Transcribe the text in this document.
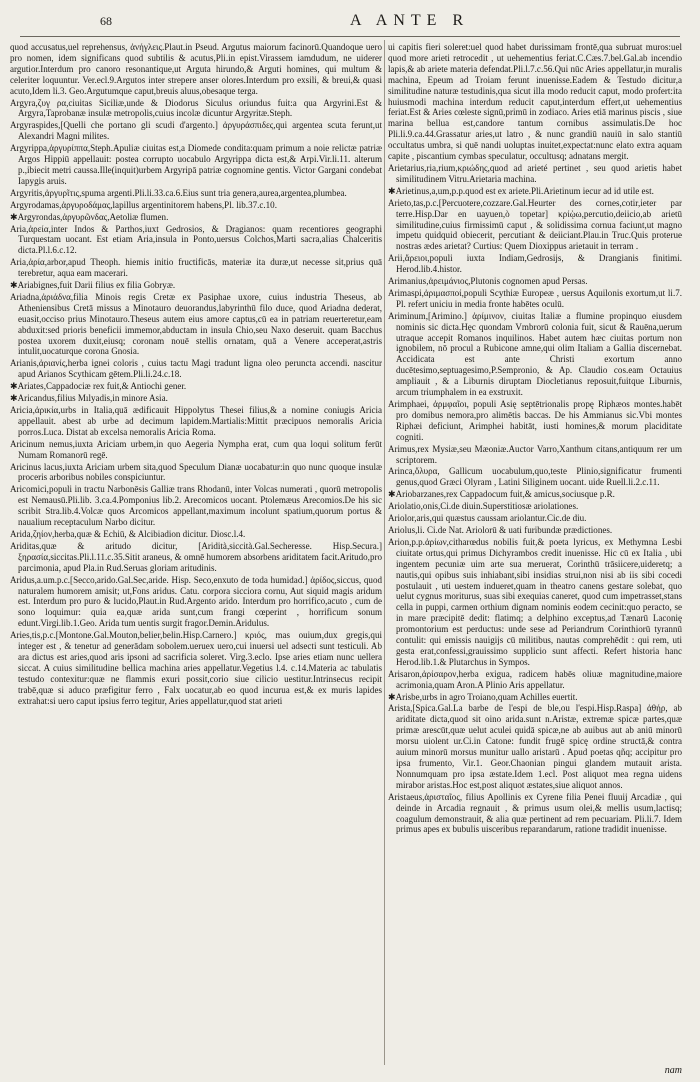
68	A ANTE R

quod accusatus,uel reprehensus, ἀνήγλεις.Plaut.in Pseud. Argutus maiorum facinorū.Quandoque uero pro nomen, idem significans quod subtilis & acutus,Pli.in epist.Virassem iamdudum, ne uiderer argutior.Interdum pro canoro resonantique,ut Arguta hirundo,& Arguti homines, qui multum & celeriter loquuntur. Ver.ecl.9.Argutos inter strepere anser olores.Interdum pro exsili, & breui,& quasi acuto,Idem li.3. Geo.Argutumque caput,breuis aluus,obesaque terga.

Argyra,ζυγ ρα,ciuitas Siciliæ,unde & Diodorus Siculus oriundus fuit:a qua Argyrini.Est & Argyra,Taprobanæ insulæ metropolis,cuius incolæ dicuntur Argyritæ.Steph.

Argyraspides,[Quelli che portano gli scudi d'argento.] ἀργυράσπιδες,qui argentea scuta ferunt,ut Alexandri Magni milites.

Argyrippa,ἀργυρίππα,Steph.Apuliæ ciuitas est,a Diomede condita:quam primum a noie relictæ patriæ Argos Hippiū appellauit: postea corrupto uocabulo Argyrippa dicta est,& Arpi.Vir.li.11. alterum p.,ibiecit metri caussa.Ille(inquit)urbem Argyripā patriæ cognomine gentis. Victor Gargani condebat Iapygis aruis.

Argyritis,ἀργυρῖτις,spuma argenti.Pli.li.33.ca.6.Eius sunt tria genera,aurea,argentea,plumbea.

Argyrodamas,ἀργυροδάμας,lapillus argentinitorem habens,Pl. lib.37.c.10.

✱Argyrondas,ἀργυρῶνδας,Aetoliæ flumen.

Aria,ἀρεία,inter Indos & Parthos,iuxt Gedrosios, & Dragianos: quam recentiores geographi Turquestam uocant. Est etiam Aria,insula in Ponto,uersus Colchos,Marti sacra,alias Chalceritis dicta.Pl.l.6.c.12.

Aria,ἀρία,arbor,apud Theoph. hiemis initio fructificās, materiæ ita duræ,ut necesse sit,prius quā terebretur, aqua eam macerari.

✱Ariabignes,fuit Darii filius ex filia Gobryæ.

Ariadna,ἀριάδνα,filia Minois regis Cretæ ex Pasiphae uxore, cuius industria Theseus, ab Atheniensibus Cretā missus a Minotauro deuorandus,labyrinthū filo duce, quod Ariadna dederat, euasit,occiso prius Minotauro.Theseus autem eius amore captus,cū ea in patriam reuerteretur,eam abduxit:sed prioris beneficii immemor,abductam in insula Chio,seu Naxo deseruit. quam Bacchus postea uxorem duxit,eiusq; coronam nouē stellis ornatam, quā a Venere acceperat,astris intulit,uocaturque corona Gnosia.

Arianis,ἀριανίς,herba ignei coloris , cuius tactu Magi tradunt ligna oleo peruncta accendi. nascitur apud Arianos Scythicam gētem.Pli.li.24.c.18.

✱Ariates,Cappadociæ rex fuit,& Antiochi gener.

✱Aricandus,filius Mılyadis,in minore Asia.

Aricia,ἀρικία,urbs in Italia,quā ædificauit Hippolytus Thesei filius,& a nomine coniugis Aricia appellauit. abest ab urbe ad decimum lapidem.Martialis:Mittit præcipuos nemoralis Aricia porros.Luca. Distat ab excelsa nemoralis Aricia Roma.

Aricinum nemus,iuxta Ariciam urbem,in quo Aegeria Nympha erat, cum qua loqui solitum ferūt Numam Romanorū regē.

Aricinus lacus,iuxta Ariciam urbem sita,quod Speculum Dianæ uocabatur:in quo nunc quoque insulæ proceris arboribus nobiles conspiciuntur.

Aricomici,populi in tractu Narbonēsis Galliæ trans Rhodanū, inter Volcas numerati , quorū metropolis est Nemausū.Pli.lib. 3.ca.4.Pomponius lib.2. Arecomicos uocant. Ptolemæus Arecomios.De his sic scribit Stra.lib.4.Volcæ quos Arcomicos appellant,maximum incolunt spatium,quorum portus & naualium receptaculum Narbo dicitur.

Arida,ζηίον,herba,quæ & Echiū, & Alcibiadion dicitur. Diosc.l.4.

Ariditas,quæ & aritudo dicitur, [Aridità,siccità.Gal.Secheresse. Hisp.Secura.] ξηρασία,siccitas.Pli.l.11.c.35.Sitit araneus, & omnē humorem absorbens ariditatem facit.Aritudo,pro parcimonia, apud Pla.in Rud.Seruas gloriam aritudinis.

Aridus,a.um.p.c.[Secco,arido.Gal.Sec,aride. Hisp. Seco,enxuto de toda humidad.] ἀρίδος,siccus, quod naturalem humorem amisit; ut,Fons aridus. Catu. corpora sicciora cornu, Aut siquid magis aridum est. Interdum pro puro & lucido,Plaut.in Rud.Argento arido. Interdum pro horrifico,acuto , cum de sono loquimur: quia ea,quæ arida sunt,cum frangi cœperint , horrificum sonum edunt.Virgi.lib.1.Geo. Arida tum uentis surgit fragor.Demin.Aridulus.

Aries,tis,p.c.[Montone.Gal.Mouton,belier,belin.Hisp.Carnero.] κριός, mas ouium,dux gregis,qui integer est , & tenetur ad generādam sobolem.uerueх uero,cui inuersi uel adsecti sunt testiculi. Ab ara dictus est aries,quod aris ipsoni ad sacrificia soleret. Virg.3.eclo. Ipse aries etiam nunc uellera siccat. A cuius similitudine bellica machina aries appellatur.Vegetius l.4. c.14.Materia ac tabulatis testudo contexitur:quæ ne flammis exuri possit,corio siue cilicio uestitur.Intrinsecus recipit trabē,quæ si aduco præfigitur ferro , Falx uocatur,ab eo quod incurua est,& ex muris lapides extrahat:si uero caput ipsius ferro tegitur, Aries appellatur,quod stat arieti

ui capitis fieri soleret:uel quod habet durissimam frontē,qua subruat muros:uel quod more arieti retrocedit , ut uehementius feriat.C.Cæs.7.bel.Gal.ab incendio lapis,& ab ariete materia defendat.Pli.l.7.c.56.Qui nūc Aries appellatur,in muralis machina, Epeum ad Troiam ferunt inuenisse.Eadem & Testudo dicitur,a similitudine naturæ testudinis,qua sicut illa modo reducit caput, modo profert:ita huiusmodi machina interdum reducit caput,interdum effert,ut uehementius feriat.Est & Aries cœleste signū,primū in zodiaco. Aries etiā marinus piscis , siue marina bellua est,candore tantum cornibus assimulatis.De hoc Pli.li.9.ca.44.Grassatur aries,ut latro , & nunc grandiū nauiū in salo stantiū occultatus umbra, si quē nandi uoluptas inuitet,expectat:nunc elato extra aquam capite , piscantium cymbas speculatur, occultusq; adnatans mergit.

Arietarius,ria,rium,κριώδης,quod ad arieté pertinet , seu quod arietis habet similitudinem Vitru.Arietaria machina.

✱Arietinus,a,um,p.p.quod est ex ariete.Pli.Arietinum iecur ad id utile est.

Arieto,tas,p.c.[Percuotere,cozzare.Gal.Heurter des cornes,cotir,ieter par terre.Hisp.Dar en uayuen,ò topetar] κρίῲω,percutio,deiicio,ab arietū similitudine,cuius firmissimū caput , & solidissima cornua faciunt,ut magno impetu quidquid obiecerit, percutiant & deiiciant.Plau.in Truc.Quis proterue nostras ædes arietat? Curtius: Quem Dioxippus arietauit in terram .

Arii,ἄρειοι,populi iuxta Indiam,Gedrosijs, & Drangianis finitimi. Herod.lib.4.histor.

Arimanius,ἀρειμάνιος,Plutonis cognomen apud Persas.

Arimaspi,ἀριμασποί,populi Scythiæ Europeæ , uersus Aquilonis exortum,ut li.7. Pl. refert uniciu in media fronte habētes oculū.

Ariminum,[Arimino.] ἀρίμινον, ciuitas Italiæ a flumine propinquo eiusdem nominis sic dicta.Hęc quondam Vmbrorū colonia fuit, sicut & Rauēna,uerum utraque accepit Romanos inquilinos. Habet autem hæc ciuitas portum non ignobilem, nō procul a Rubicone amne,qui olim Italiam a Gallia discernebat. Accidicata est ante Christi exortum anno ducētesimo,septuagesimo,P.Sempronio, & Ap. Claudio cos.eam Octauius ampliauit , & a Liburnis diruptam Diocletianus reposuit,fuitque Liburnis, arcum triumphalem in ea exstruxit.

Arimphaei, ἀρμφαῖοι, populi Asię septētrionalis propę Riphæos montes.habēt pro domibus nemora,pro alimētis baccas. De his Ammianus sic.Vbi montes Riphæi deficiunt, Arimphei habitāt, iusti homines,& morum placiditate cogniti.

Arimus,rex Mysiæ,seu Mæoniæ.Auctor Varro,Xanthum citans,antiquum rer um scriptorem.

Arinca,ὄλυρα, Gallicum uocabulum,quo,teste Plinio,significatur frumenti genus,quod Græci Olyram , Latini Siliginem uocant. uide Ruell.li.2.c.11.

✱Ariobarzanes,rex Cappadocum fuit,& amicus,sociusque p.R.

Ariolatio,onis,Ci.de diuin.Superstitiosæ ariolationes.

Ariolor,aris,qui quæstus caussam ariolantur.Cic.de diu.

Ariolus,li. Ci.de Nat. Ariolorū & uati furibundæ prædictiones.

Arion,p.p.ἀρίων,citharœdus nobilis fuit,& poeta lyricus, ex Methymna Lesbi ciuitate ortus,qui primus Dichyrambos credit inuenisse. Hic cū ex Italia , ubi ingentem pecuniæ uim arte sua meruerat, Corinthū trāsiicere,uideretq; a nautis,qui opibus suis inhiabant,sibi insidias strui,non nisi ab iis sibi cocedi postulauit , uti uestem indueret,quam in theatro canens gestare solebat, quo uelut cygnus moriturus, suas sibi exequias caneret, quod cum impetrasset,stans cella in puppi, carmen orthium dignam nominis eodem cecinit:quo peracto, se in mare præcipitē dedit: flatimq; a delphino exceptus,ad Tænarū Laconię promontorium est perductus: unde sese ad Periandrum Corinthiorū tyrannū contulit: qui emissis nauigijs cū militibus, nautas comprehēdit : qui rem, uti gesta erat,confessi,grauissimo supplicio sunt affecti. Refert historia hanc Herod.lib.1.& Plutarchus in Sympos.

Arisaron,ἀρίσαρον,herba exigua, radicem habēs oliuæ magnitudine,maiore acrimonia,quam Aron.A Plinio Aris appellatur.

✱Arisbe,urbs in agro Troiano,quam Achilles euertit.

Arista,[Spica.Gal.La barbe de l'espi de ble,ou l'espi.Hisp.Raspa] ἀθήρ, ab ariditate dicta,quod sit oino arida.sunt n.Aristæ, extremæ spicæ partes,quæ primæ arescūt,quæ uelut aculei quidā spicæ,ne ab auibus aut ab aniū minorū morsu uiolent ur.Ci.in Catone: fundit frugē spicę ordine structā,& contra auium minorū morsus munitur uallo aristarū . Apud poetas qñq; accipitur pro ipsa frumento, Vir.1. Geor.Chaonian pingui glandem mutauit arista. Nonnumquam pro ipsa æstate.Idem 1.ecl. Post aliquot mea regna uidens mirabor aristas.Hoc est,post aliquot æstates,siue aliquot annos.

Aristaeus,ἀρισταῖος, filius Apollinis ex Cyrene filia Penei fluuij Arcadiæ , qui deinde in Arcadia regnauit , & primus usum olei,& mellis usum,lactisq; coagulum demonstrauit, & alia quæ pertinent ad rem pecuariam. Pli.li.7. Idem primus apes ex bubulis uisceribus reparandarum, ratione tradidit inuenisse.

nam
